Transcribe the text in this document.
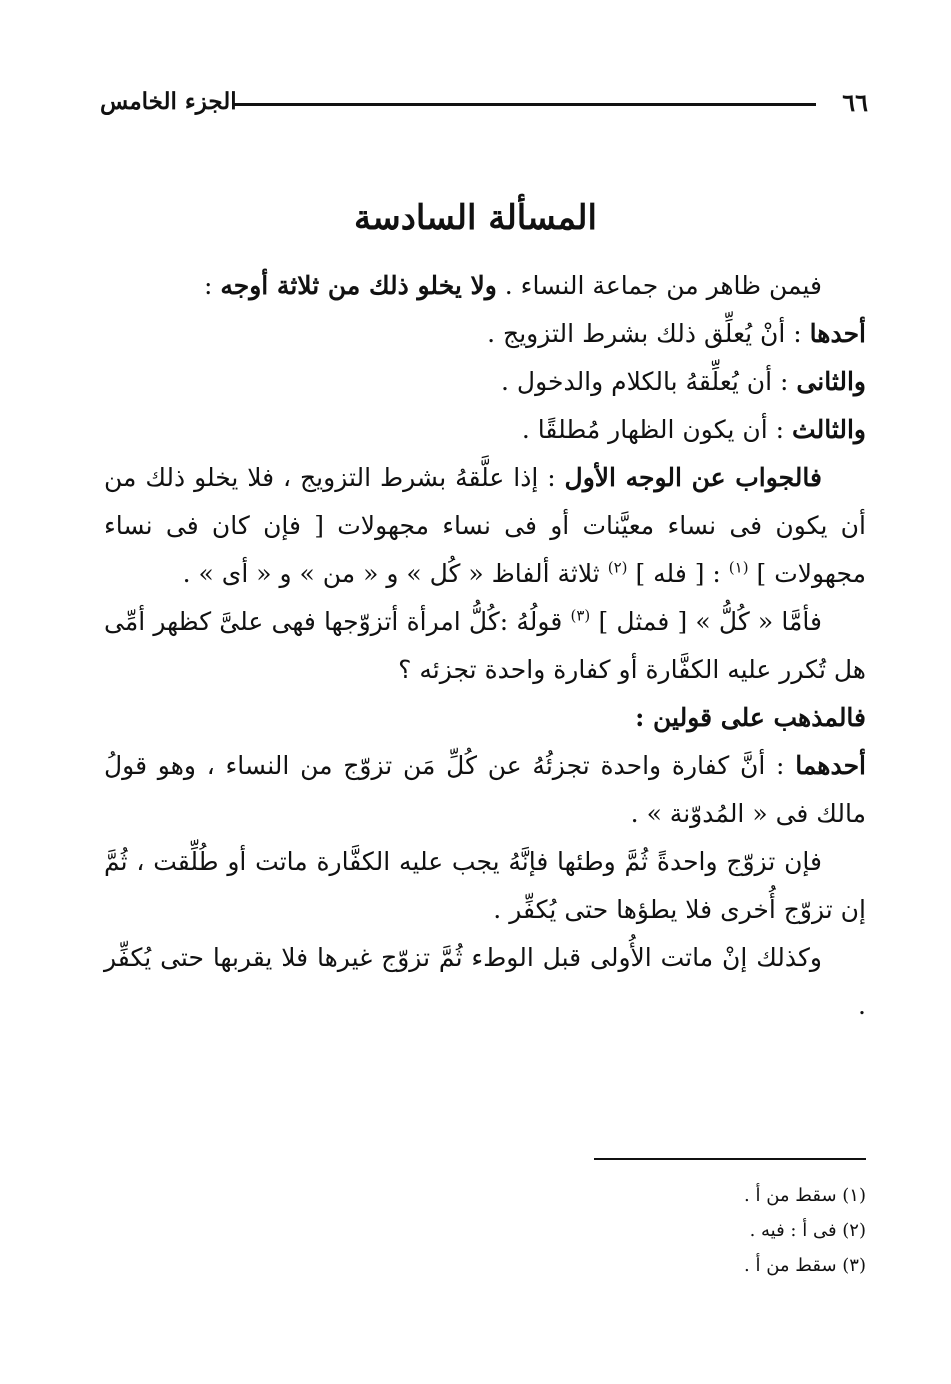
٦٦
الجزء الخامس
المسألة السادسة

فيمن ظاهر من جماعة النساء . ولا يخلو ذلك من ثلاثة أوجه :

أحدها : أنْ يُعلِّق ذلك بشرط التزويج .

والثانى : أن يُعلِّقهُ بالكلام والدخول .

والثالث : أن يكون الظهار مُطلقًا .

فالجواب عن الوجه الأول : إذا علَّقهُ بشرط التزويج ، فلا يخلو ذلك من أن يكون فى نساء معيَّنات أو فى نساء مجهولات [ فإن كان فى نساء مجهولات ] $^{(١)}$ : [ فله ] $^{(٢)}$ ثلاثة ألفاظ « كُل » و « من » و « أى » .

فأمَّا « كُلُّ » [ فمثل ] $^{(٣)}$ قولُهُ :كُلُّ امرأة أتزوّجها فهى علىَّ كظهر أمِّى هل تُكرر عليه الكفَّارة أو كفارة واحدة تجزئه ؟

فالمذهب على قولين :

أحدهما : أنَّ كفارة واحدة تجزئُهُ عن كُلِّ مَن تزوّج من النساء ، وهو قولُ مالك فى « المُدوّنة » .

فإن تزوّج واحدةً ثُمَّ وطئها فإنَّهُ يجب عليه الكفَّارة ماتت أو طُلِّقت ، ثُمَّ إن تزوّج أُخرى فلا يطؤها حتى يُكفِّر .

وكذلك إنْ ماتت الأُولى قبل الوطء ثُمَّ تزوّج غيرها فلا يقربها حتى يُكفِّر .

(١) سقط من أ .

(٢) فى أ : فيه .

(٣) سقط من أ .
